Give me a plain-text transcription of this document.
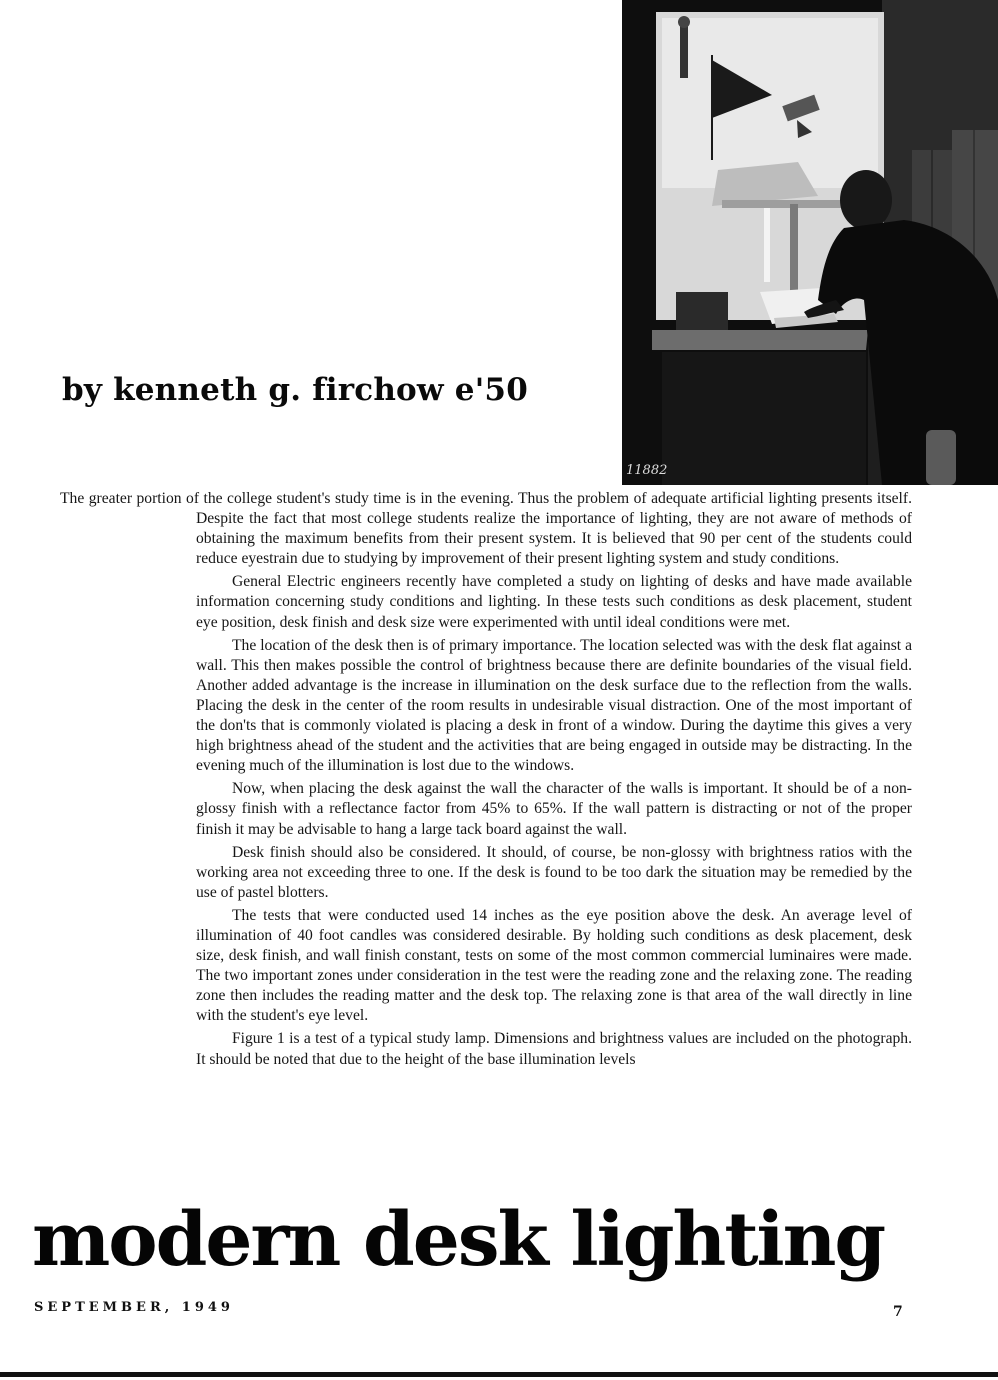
11882
by kenneth g. firchow e'50

The greater portion of the college student's study time is in the evening. Thus the problem of adequate artificial lighting presents itself. Despite the fact that most college students realize the importance of lighting, they are not aware of methods of obtaining the maximum benefits from their present system. It is believed that 90 per cent of the students could reduce eyestrain due to studying by improvement of their present lighting system and study conditions.

General Electric engineers recently have completed a study on lighting of desks and have made available information concerning study conditions and lighting. In these tests such conditions as desk placement, student eye position, desk finish and desk size were experimented with until ideal conditions were met.

The location of the desk then is of primary importance. The location selected was with the desk flat against a wall. This then makes possible the control of brightness because there are definite boundaries of the visual field. Another added advantage is the increase in illumination on the desk surface due to the reflection from the walls. Placing the desk in the center of the room results in undesirable visual distraction. One of the most important of the don'ts that is commonly violated is placing a desk in front of a window. During the daytime this gives a very high brightness ahead of the student and the activities that are being engaged in outside may be distracting. In the evening much of the illumination is lost due to the windows.

Now, when placing the desk against the wall the character of the walls is important. It should be of a non-glossy finish with a reflectance factor from 45% to 65%. If the wall pattern is distracting or not of the proper finish it may be advisable to hang a large tack board against the wall.

Desk finish should also be considered. It should, of course, be non-glossy with brightness ratios with the working area not exceeding three to one. If the desk is found to be too dark the situation may be remedied by the use of pastel blotters.

The tests that were conducted used 14 inches as the eye position above the desk. An average level of illumination of 40 foot candles was considered desirable. By holding such conditions as desk placement, desk size, desk finish, and wall finish constant, tests on some of the most common commercial luminaires were made. The two important zones under consideration in the test were the reading zone and the relaxing zone. The reading zone then includes the reading matter and the desk top. The relaxing zone is that area of the wall directly in line with the student's eye level.

Figure 1 is a test of a typical study lamp. Dimensions and brightness values are included on the photograph. It should be noted that due to the height of the base illumination levels

modern desk lighting
SEPTEMBER, 1949	7
